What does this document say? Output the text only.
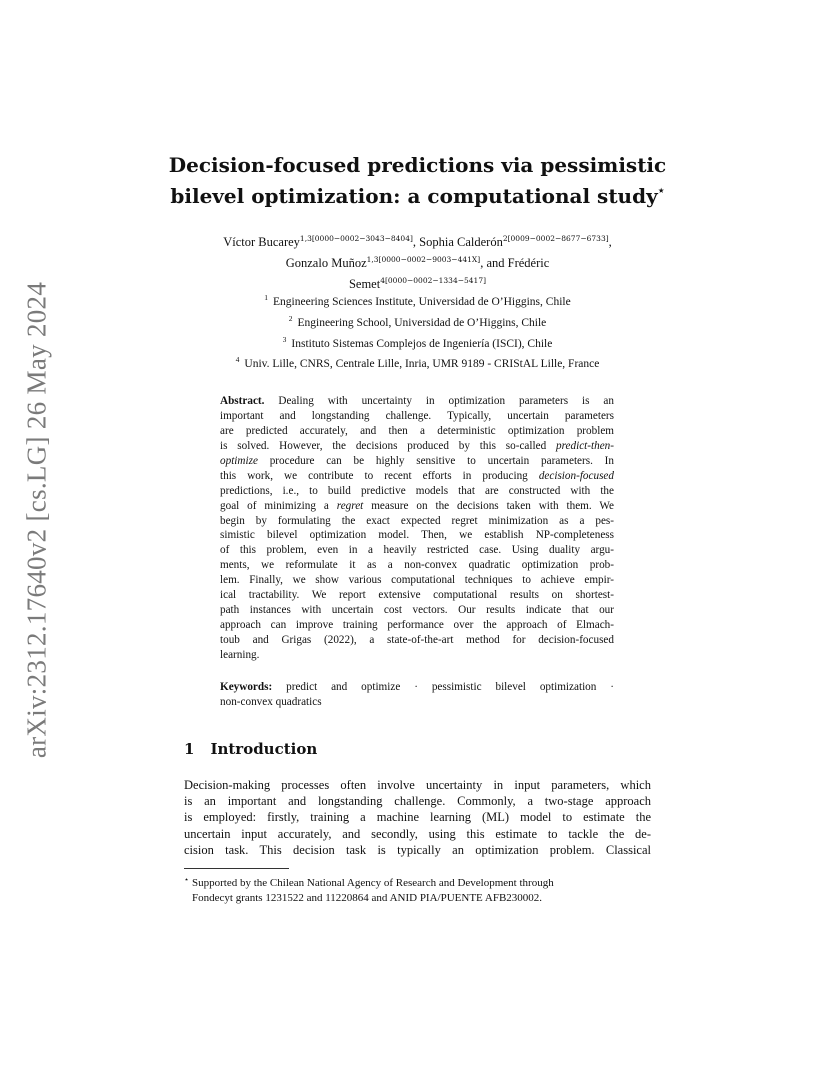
arXiv:2312.17640v2 [cs.LG] 26 May 2024
Decision-focused predictions via pessimistic
bilevel optimization: a computational study⋆
Víctor Bucarey$^{1,3[0000-0002-3043-8404]}$, Sophia Calderón$^{2[0009-0002-8677-6733]}$,
Gonzalo Muñoz$^{1,3[0000-0002-9003-441X]}$, and Frédéric
Semet$^{4[0000-0002-1334-5417]}$
$^1$ Engineering Sciences Institute, Universidad de O’Higgins, Chile
$^2$ Engineering School, Universidad de O’Higgins, Chile
$^3$ Instituto Sistemas Complejos de Ingeniería (ISCI), Chile
$^4$ Univ. Lille, CNRS, Centrale Lille, Inria, UMR 9189 - CRIStAL Lille, France
Abstract. Dealing with uncertainty in optimization parameters is an
important and longstanding challenge. Typically, uncertain parameters
are predicted accurately, and then a deterministic optimization problem
is solved. However, the decisions produced by this so-called predict-then-
optimize procedure can be highly sensitive to uncertain parameters. In
this work, we contribute to recent efforts in producing decision-focused
predictions, i.e., to build predictive models that are constructed with the
goal of minimizing a regret measure on the decisions taken with them. We
begin by formulating the exact expected regret minimization as a pes-
simistic bilevel optimization model. Then, we establish NP-completeness
of this problem, even in a heavily restricted case. Using duality argu-
ments, we reformulate it as a non-convex quadratic optimization prob-
lem. Finally, we show various computational techniques to achieve empir-
ical tractability. We report extensive computational results on shortest-
path instances with uncertain cost vectors. Our results indicate that our
approach can improve training performance over the approach of Elmach-
toub and Grigas (2022), a state-of-the-art method for decision-focused
learning.
Keywords: predict and optimize · pessimistic bilevel optimization ·
non-convex quadratics
1 Introduction
Decision-making processes often involve uncertainty in input parameters, which
is an important and longstanding challenge. Commonly, a two-stage approach
is employed: firstly, training a machine learning (ML) model to estimate the
uncertain input accurately, and secondly, using this estimate to tackle the de-
cision task. This decision task is typically an optimization problem. Classical
⋆ Supported by the Chilean National Agency of Research and Development through
Fondecyt grants 1231522 and 11220864 and ANID PIA/PUENTE AFB230002.
